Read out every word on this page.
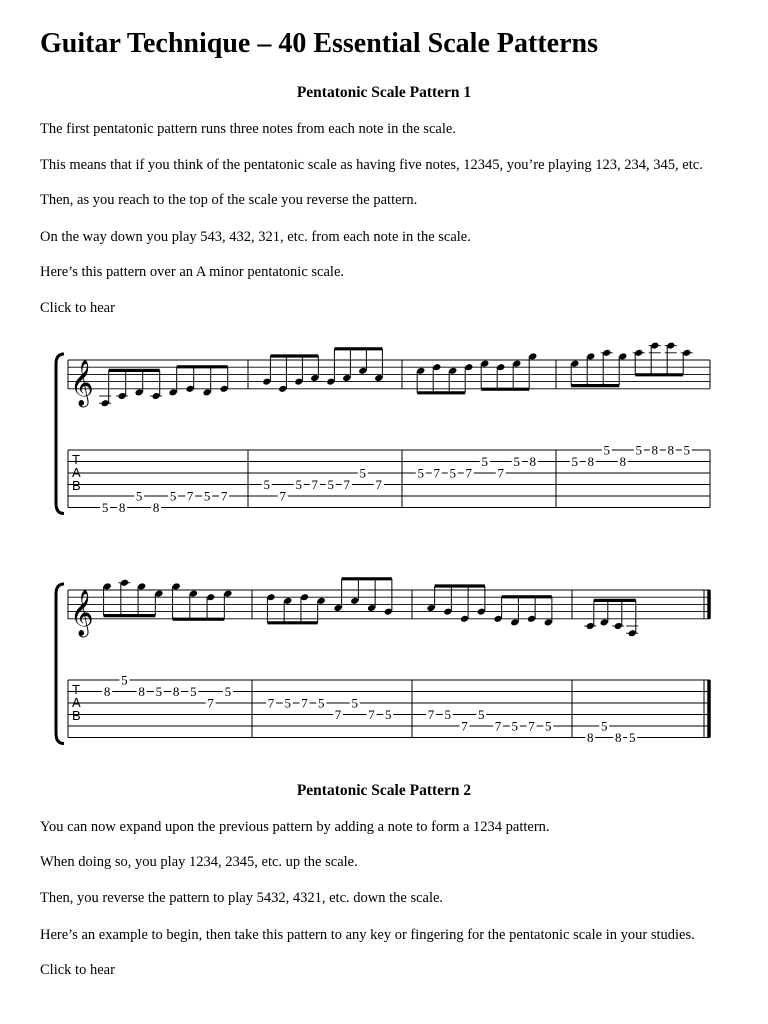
Guitar Technique – 40 Essential Scale Patterns
Pentatonic Scale Pattern 1

The first pentatonic pattern runs three notes from each note in the scale.

This means that if you think of the pentatonic scale as having five notes, 12345, you’re playing 123, 234, 345, etc.

Then, as you reach to the top of the scale you reverse the pattern.

On the way down you play 543, 432, 321, etc. from each note in the scale.

Here’s this pattern over an A minor pentatonic scale.

Click to hear

𝄞
T
A
B
5 8
5
8
5 7 5 7
5
7
5 7 5 7
5
7
5 7 5 7
5
7
5 8	5 8
5
8
5 8 8 5
𝄞
T
A
B
8
5
8 5 8 5
7
5
7 5 7 5
7
5
7 5	7 5
7
5
7 5 7 5
8
5
8 5
Pentatonic Scale Pattern 2

You can now expand upon the previous pattern by adding a note to form a 1234 pattern.

When doing so, you play 1234, 2345, etc. up the scale.

Then, you reverse the pattern to play 5432, 4321, etc. down the scale.

Here’s an example to begin, then take this pattern to any key or fingering for the pentatonic scale in your studies.

Click to hear
